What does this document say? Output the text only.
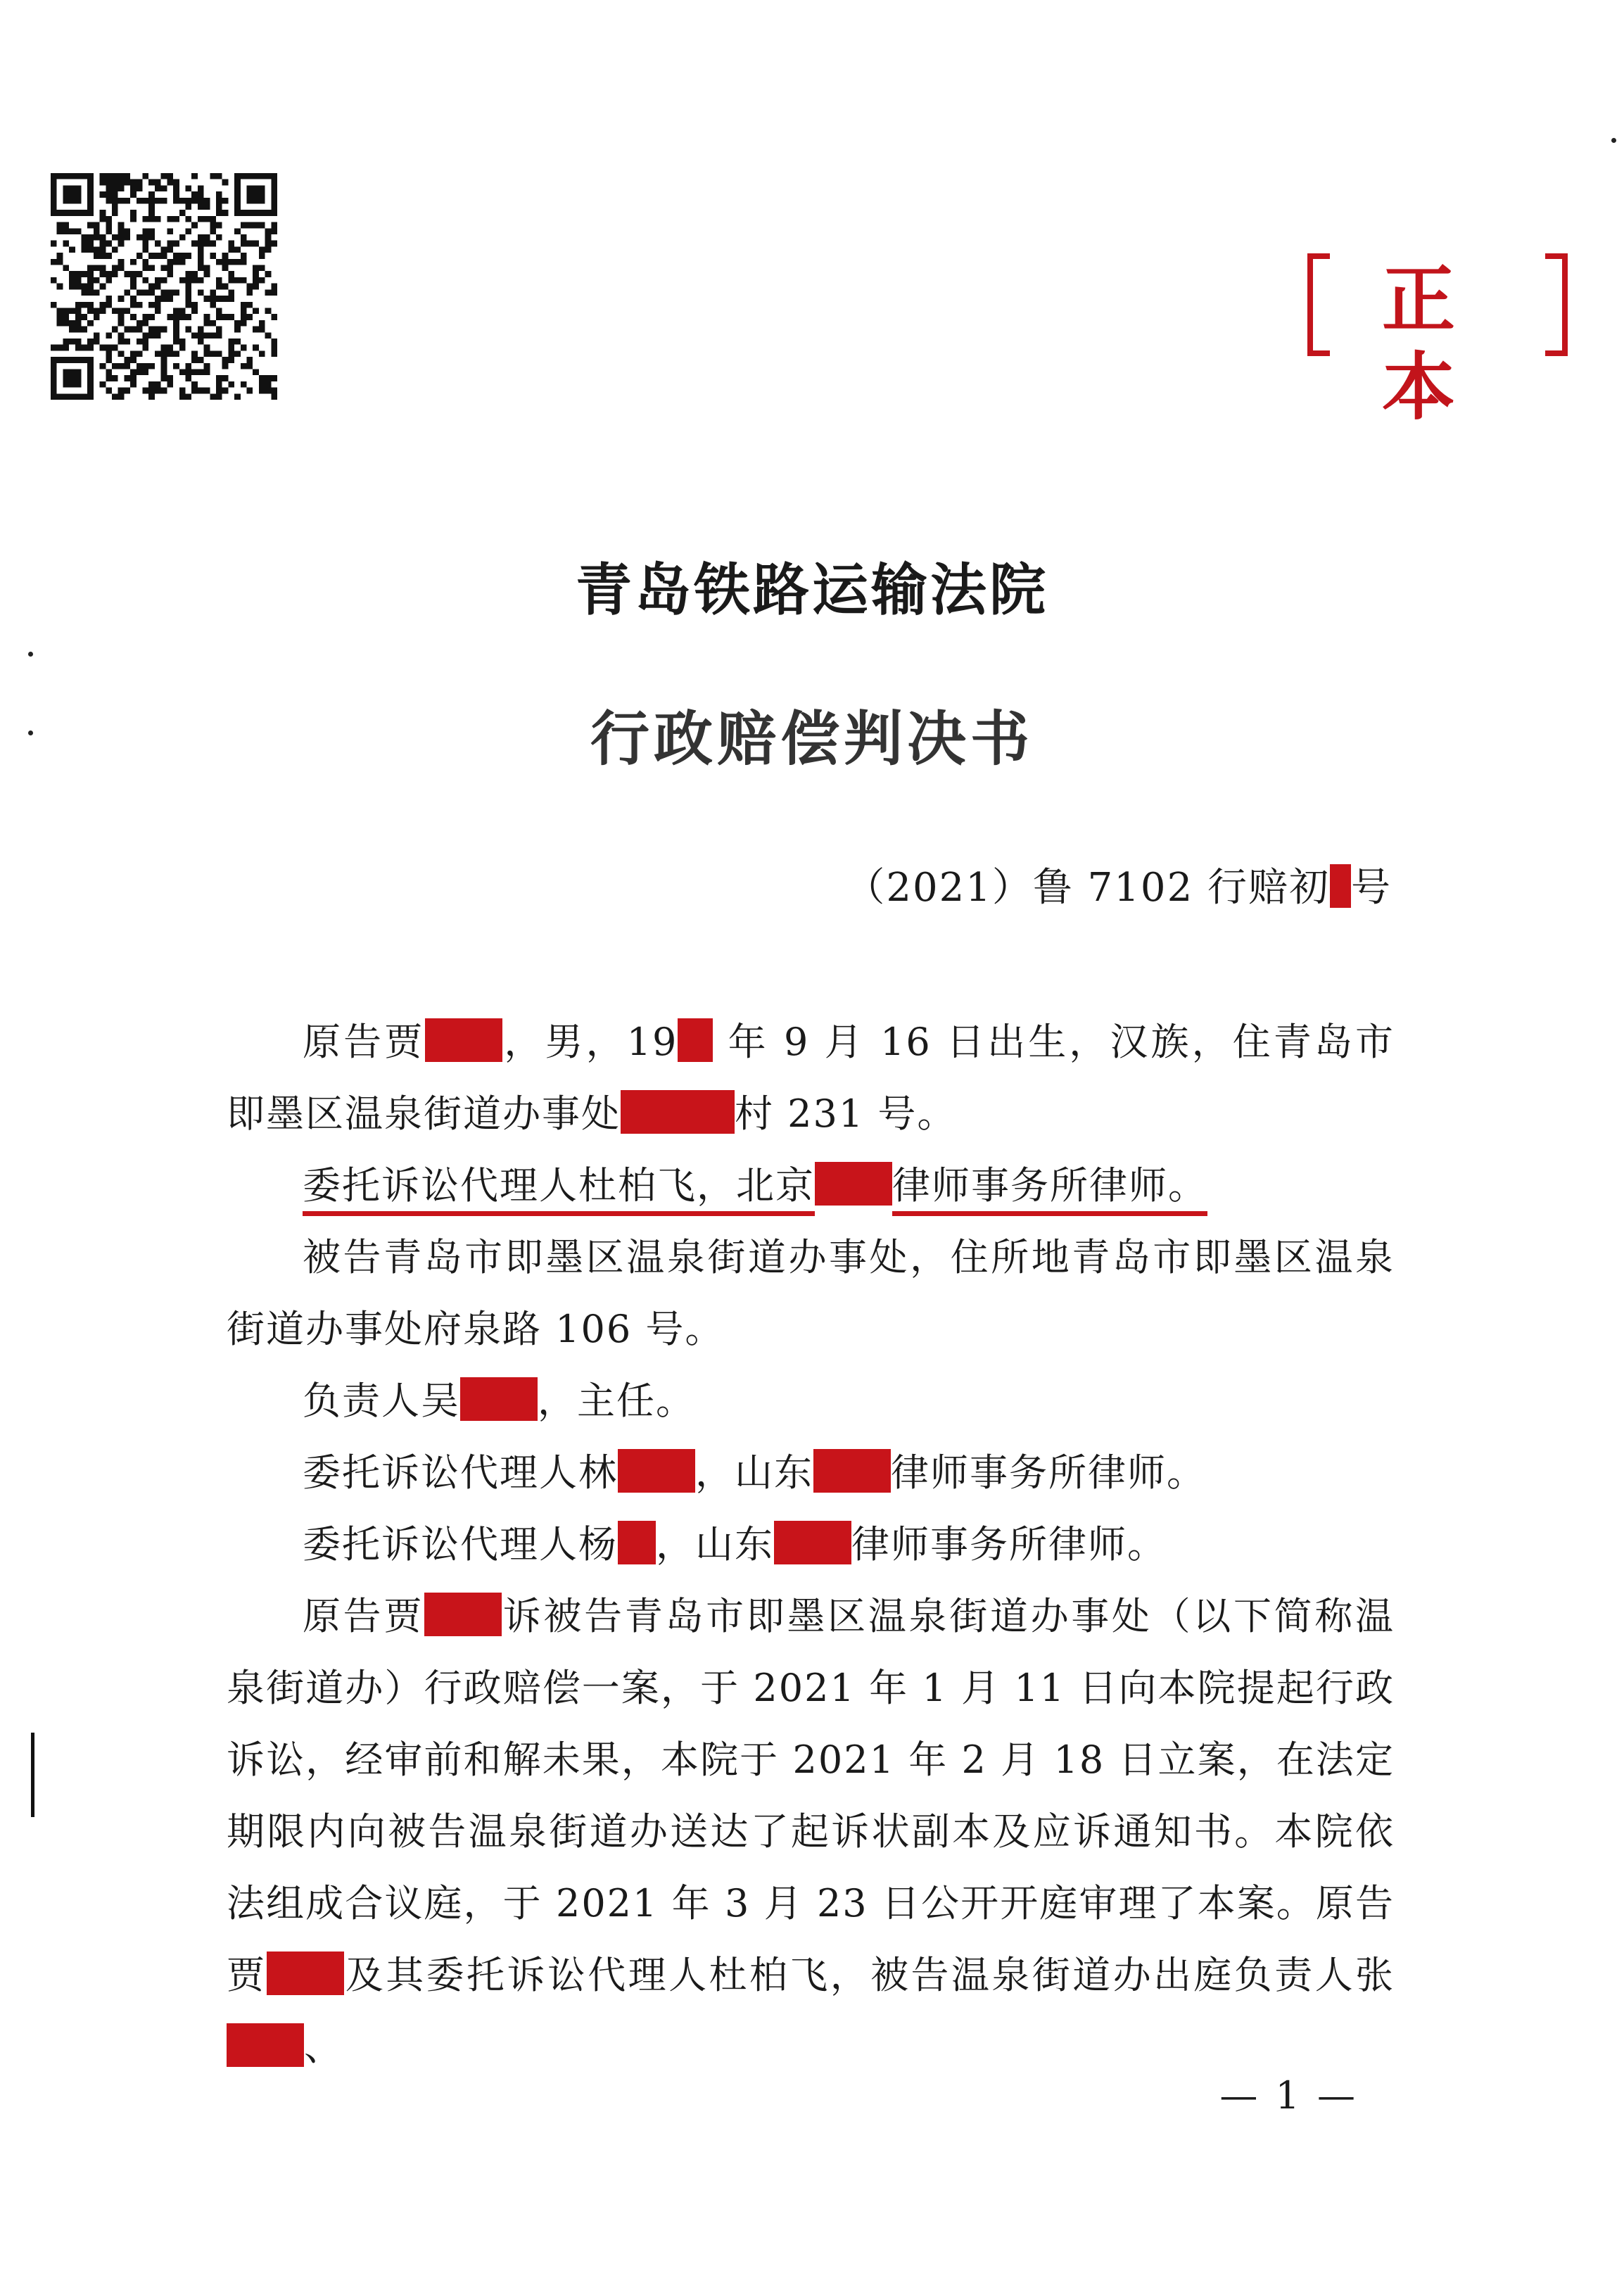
正本
青岛铁路运输法院
行政赔偿判决书
（2021）鲁 7102 行赔初 号

原告贾 ，男，19 年 9 月 16 日出生，汉族，住青岛市即墨区温泉街道办事处	村 231 号。

委托诉讼代理人杜柏飞，北京 律师事务所律师。

被告青岛市即墨区温泉街道办事处，住所地青岛市即墨区温泉街道办事处府泉路 106 号。

负责人吴 ，主任。

委托诉讼代理人林 ，山东 律师事务所律师。

委托诉讼代理人杨 ，山东 律师事务所律师。

原告贾 诉被告青岛市即墨区温泉街道办事处（以下简称温泉街道办）行政赔偿一案，于 2021 年 1 月 11 日向本院提起行政诉讼，经审前和解未果，本院于 2021 年 2 月 18 日立案，在法定期限内向被告温泉街道办送达了起诉状副本及应诉通知书。本院依法组成合议庭，于 2021 年 3 月 23 日公开开庭审理了本案。原告贾 及其委托诉讼代理人杜柏飞，被告温泉街道办出庭负责人张、

— 1 —
